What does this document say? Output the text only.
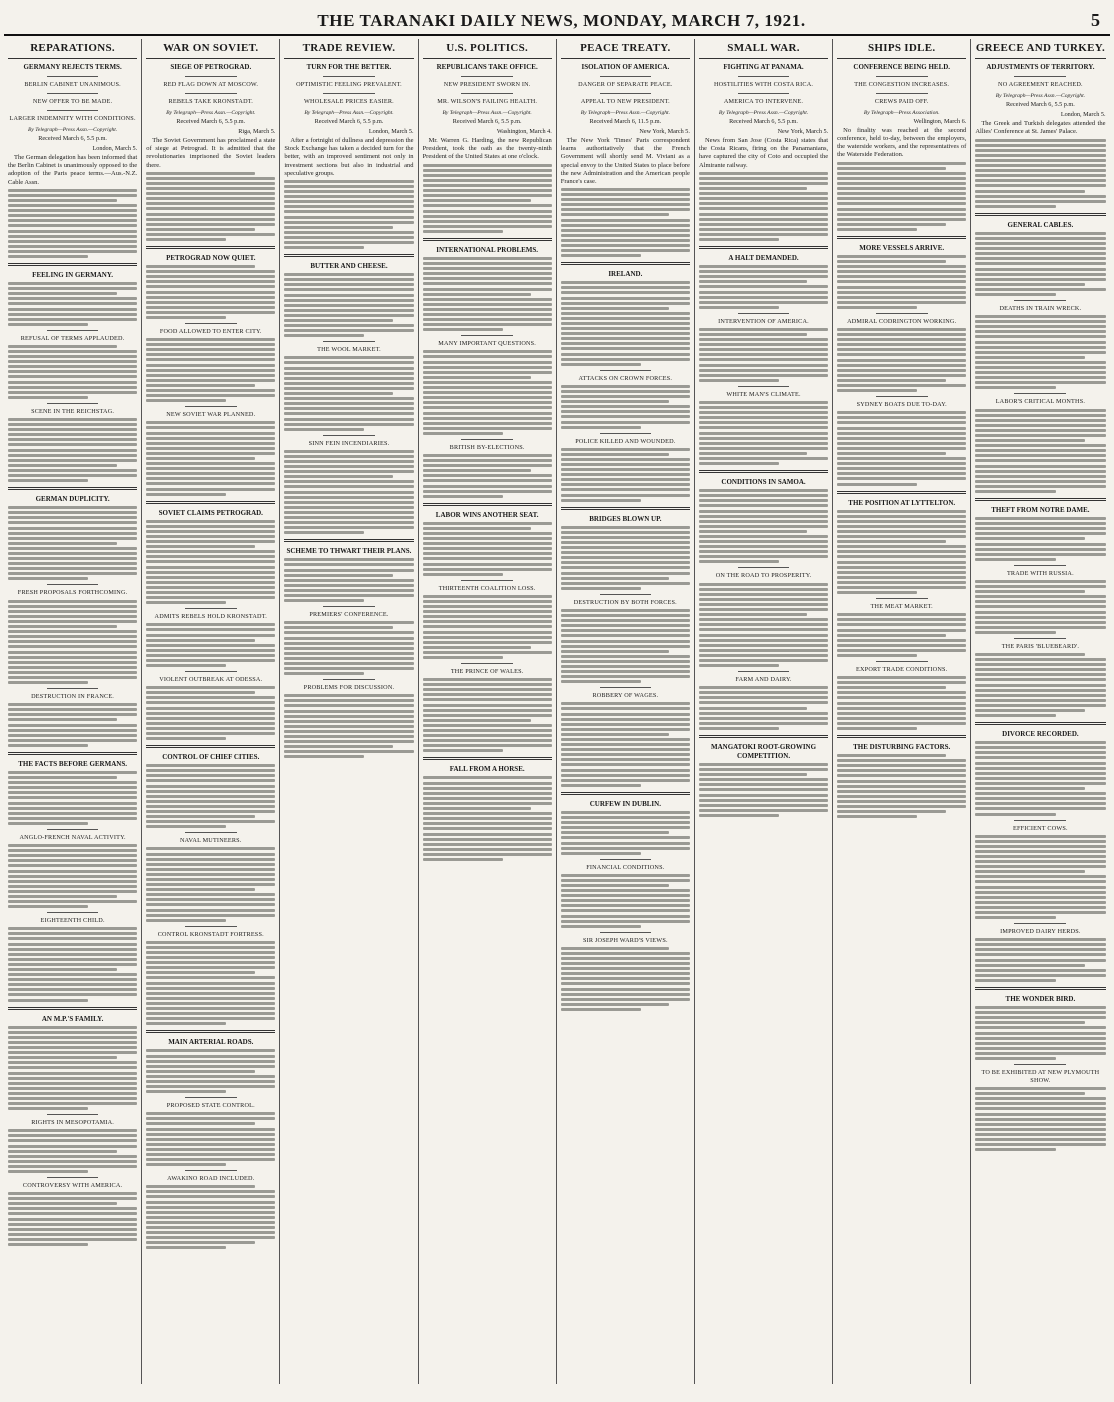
THE TARANAKI DAILY NEWS, MONDAY, MARCH 7, 1921.	5
REPARATIONS.
GERMANY REJECTS TERMS.
BERLIN CABINET UNANIMOUS.
NEW OFFER TO BE MADE.
LARGER INDEMNITY WITH CONDITIONS.
By Telegraph—Press Assn.—Copyright.
Received March 6, 5.5 p.m.
London, March 5.

The German delegation has been informed that the Berlin Cabinet is unanimously opposed to the adoption of the Paris peace terms.—Aus.-N.Z. Cable Assn.

FEELING IN GERMANY.
REFUSAL OF TERMS APPLAUDED.
SCENE IN THE REICHSTAG.
GERMAN DUPLICITY.
FRESH PROPOSALS FORTHCOMING.
DESTRUCTION IN FRANCE.
THE FACTS BEFORE GERMANS.
ANGLO-FRENCH NAVAL ACTIVITY.
EIGHTEENTH CHILD.
AN M.P.'S FAMILY.
RIGHTS IN MESOPOTAMIA.
CONTROVERSY WITH AMERICA.
WAR ON SOVIET.
SIEGE OF PETROGRAD.
RED FLAG DOWN AT MOSCOW.
REBELS TAKE KRONSTADT.
By Telegraph—Press Assn.—Copyright.
Received March 6, 5.5 p.m.
Riga, March 5.

The Soviet Government has proclaimed a state of siege at Petrograd. It is admitted that the revolutionaries imprisoned the Soviet leaders there.

PETROGRAD NOW QUIET.
FOOD ALLOWED TO ENTER CITY.
NEW SOVIET WAR PLANNED.
SOVIET CLAIMS PETROGRAD.
ADMITS REBELS HOLD KRONSTADT.
VIOLENT OUTBREAK AT ODESSA.
CONTROL OF CHIEF CITIES.
NAVAL MUTINEERS.
CONTROL KRONSTADT FORTRESS.
MAIN ARTERIAL ROADS.
PROPOSED STATE CONTROL.
AWAKINO ROAD INCLUDED.
TRADE REVIEW.
TURN FOR THE BETTER.
OPTIMISTIC FEELING PREVALENT.
WHOLESALE PRICES EASIER.
By Telegraph—Press Assn.—Copyright.
Received March 6, 5.5 p.m.
London, March 5.

After a fortnight of dullness and depression the Stock Exchange has taken a decided turn for the better, with an improved sentiment not only in investment sections but also in industrial and speculative groups.

BUTTER AND CHEESE.
THE WOOL MARKET.
SINN FEIN INCENDIARIES.
SCHEME TO THWART THEIR PLANS.
PREMIERS' CONFERENCE.
PROBLEMS FOR DISCUSSION.
U.S. POLITICS.
REPUBLICANS TAKE OFFICE.
NEW PRESIDENT SWORN IN.
MR. WILSON'S FAILING HEALTH.
By Telegraph—Press Assn.—Copyright.
Received March 6, 5.5 p.m.
Washington, March 4.

Mr. Warren G. Harding, the new Republican President, took the oath as the twenty-ninth President of the United States at one o'clock.

INTERNATIONAL PROBLEMS.
MANY IMPORTANT QUESTIONS.
BRITISH BY-ELECTIONS.
LABOR WINS ANOTHER SEAT.
THIRTEENTH COALITION LOSS.
THE PRINCE OF WALES.
FALL FROM A HORSE.
PEACE TREATY.
ISOLATION OF AMERICA.
DANGER OF SEPARATE PEACE.
APPEAL TO NEW PRESIDENT.
By Telegraph—Press Assn.—Copyright.
Received March 6, 11.5 p.m.
New York, March 5.

The New York 'Times' Paris correspondent learns authoritatively that the French Government will shortly send M. Viviani as a special envoy to the United States to place before the new Administration and the American people France's case.

IRELAND.
ATTACKS ON CROWN FORCES.
POLICE KILLED AND WOUNDED.
BRIDGES BLOWN UP.
DESTRUCTION BY BOTH FORCES.
ROBBERY OF WAGES.
CURFEW IN DUBLIN.
FINANCIAL CONDITIONS.
SIR JOSEPH WARD'S VIEWS.
SMALL WAR.
FIGHTING AT PANAMA.
HOSTILITIES WITH COSTA RICA.
AMERICA TO INTERVENE.
By Telegraph—Press Assn.—Copyright.
Received March 6, 5.5 p.m.
New York, March 5.

News from San Jose (Costa Rica) states that the Costa Ricans, firing on the Panamanians, have captured the city of Coto and occupied the Almirante railway.

A HALT DEMANDED.
INTERVENTION OF AMERICA.
WHITE MAN'S CLIMATE.
CONDITIONS IN SAMOA.
ON THE ROAD TO PROSPERITY.
FARM AND DAIRY.
MANGATOKI ROOT-GROWING COMPETITION.
SHIPS IDLE.
CONFERENCE BEING HELD.
THE CONGESTION INCREASES.
CREWS PAID OFF.
By Telegraph—Press Association.
Wellington, March 6.

No finality was reached at the second conference, held to-day, between the employers, the waterside workers, and the representatives of the Waterside Federation.

MORE VESSELS ARRIVE.
ADMIRAL CODRINGTON WORKING.
SYDNEY BOATS DUE TO-DAY.
THE POSITION AT LYTTELTON.
THE MEAT MARKET.
EXPORT TRADE CONDITIONS.
THE DISTURBING FACTORS.
GREECE AND TURKEY.
ADJUSTMENTS OF TERRITORY.
NO AGREEMENT REACHED.
By Telegraph—Press Assn.—Copyright.
Received March 6, 5.5 p.m.
London, March 5.

The Greek and Turkish delegates attended the Allies' Conference at St. James' Palace.

GENERAL CABLES.
DEATHS IN TRAIN WRECK.
LABOR'S CRITICAL MONTHS.
THEFT FROM NOTRE DAME.
TRADE WITH RUSSIA.
THE PARIS 'BLUEBEARD'.
DIVORCE RECORDED.
EFFICIENT COWS.
IMPROVED DAIRY HERDS.
THE WONDER BIRD.
TO BE EXHIBITED AT NEW PLYMOUTH SHOW.
